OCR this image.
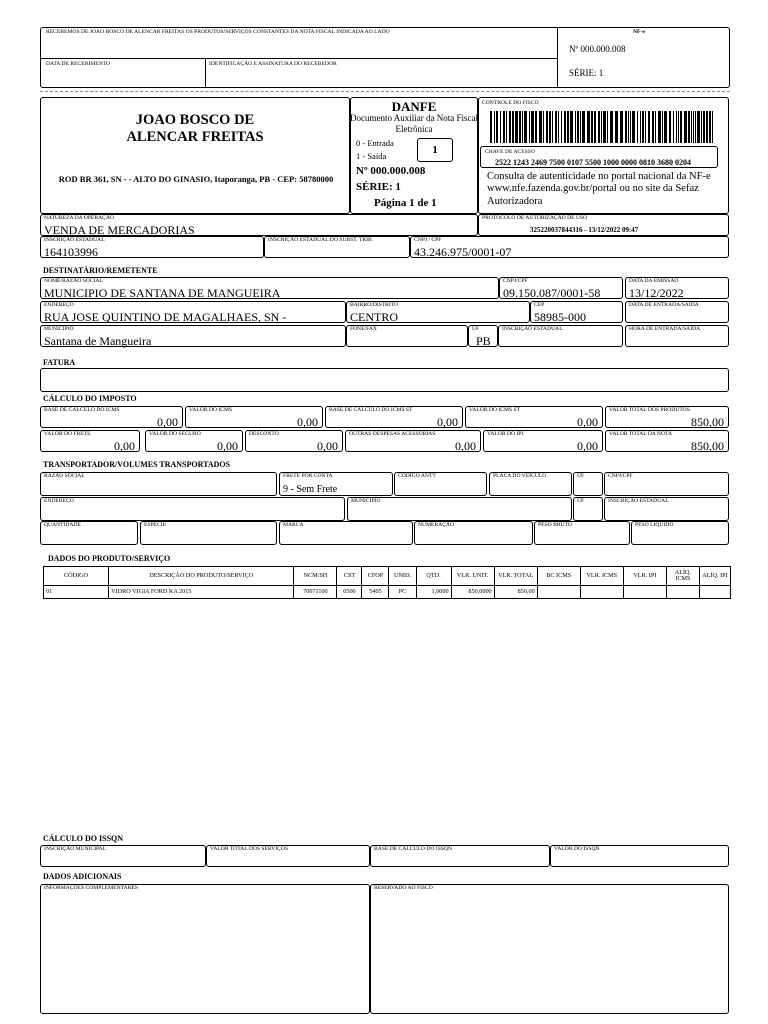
RECEBEMOS DE JOAO BOSCO DE ALENCAR FREITAS OS PRODUTOS/SERVIÇOS CONSTANTES DA NOTA FISCAL INDICADA AO LADO
DATA DE RECEBIMENTO	IDENTIFICAÇÃO E ASSINATURA DO RECEBEDOR
NF-e
Nº 000.000.008
SÉRIE: 1
JOAO BOSCO DE ALENCAR FREITAS
ROD BR 361, SN - - ALTO DO GINASIO, Itaporanga, PB - CEP: 58780000
DANFE
Documento Auxiliar da Nota Fiscal Eletrônica
0 - Entrada
1 - Saída	1
Nº 000.000.008
SÉRIE: 1
Página 1 de 1
CONTROLE DO FISCO
CHAVE DE ACESSO
2522 1243 2469 7500 0107 5500 1000 0000 0810 3680 0204
Consulta de autenticidade no portal nacional da NF-e www.nfe.fazenda.gov.br/portal ou no site da Sefaz Autorizadora
NATUREZA DA OPERAÇÃO
VENDA DE MERCADORIAS
PROTOCOLO DE AUTORIZAÇÃO DE USO
325220037844316 - 13/12/2022 09:47
INSCRIÇÃO ESTADUAL
164103996
INSCRIÇÃO ESTADUAL DO SUBST. TRIB.	CNPJ / CPF
43.246.975/0001-07
DESTINATÁRIO/REMETENTE
NOME/RAZÃO SOCIAL
MUNICIPIO DE SANTANA DE MANGUEIRA
CNPJ/CPF
09.150.087/0001-58
DATA DA EMISSÃO
13/12/2022
ENDEREÇO
RUA JOSE QUINTINO DE MAGALHAES, SN -
BAIRRO/DISTRITO
CENTRO
CEP
58985-000
DATA DE ENTRADA/SAÍDA
MUNICÍPIO
Santana de Mangueira
FONE/FAX	UF
PB
INSCRIÇÃO ESTADUAL	HORA DE ENTRADA/SAÍDA
FATURA
CÁLCULO DO IMPOSTO
BASE DE CÁLCULO DO ICMS
0,00
VALOR DO ICMS
0,00
BASE DE CÁLCULO DO ICMS ST
0,00
VALOR DO ICMS ST
0,00
VALOR TOTAL DOS PRODUTOS
850,00
VALOR DO FRETE
0,00
VALOR DO SEGURO
0,00
DESCONTO
0,00
OUTRAS DESPESAS ACESSÓRIAS
0,00
VALOR DO IPI
0,00
VALOR TOTAL DA NOTA
850,00
TRANSPORTADOR/VOLUMES TRANSPORTADOS
RAZÃO SOCIAL	FRETE POR CONTA
9 - Sem Frete
CÓDIGO ANTT	PLACA DO VEÍCULO	UF	CNPJ/CPF
ENDEREÇO	MUNICÍPIO	UF	INSCRIÇÃO ESTADUAL
QUANTIDADE	ESPÉCIE	MARCA	NUMERAÇÃO	PESO BRUTO	PESO LÍQUIDO
DADOS DO PRODUTO/SERVIÇO
CÓDIGO	DESCRIÇÃO DO PRODUTO/SERVIÇO	NCM/SH	CST	CFOP	UNID.	QTD.	VLR. UNIT.	VLR. TOTAL	BC ICMS	VLR. ICMS	VLR. IPI	ALÍQ. ICMS	ALÍQ. IPI
01	VIDRO VIGIA FORD KA 2015	70071100	0500	5405	PC	1,0000	850,0000	850,00					
CÁLCULO DO ISSQN
INSCRIÇÃO MUNICIPAL	VALOR TOTAL DOS SERVIÇOS	BASE DE CÁLCULO DO ISSQN	VALOR DO ISSQN
DADOS ADICIONAIS
INFORMAÇÕES COMPLEMENTARES	RESERVADO AO FISCO
